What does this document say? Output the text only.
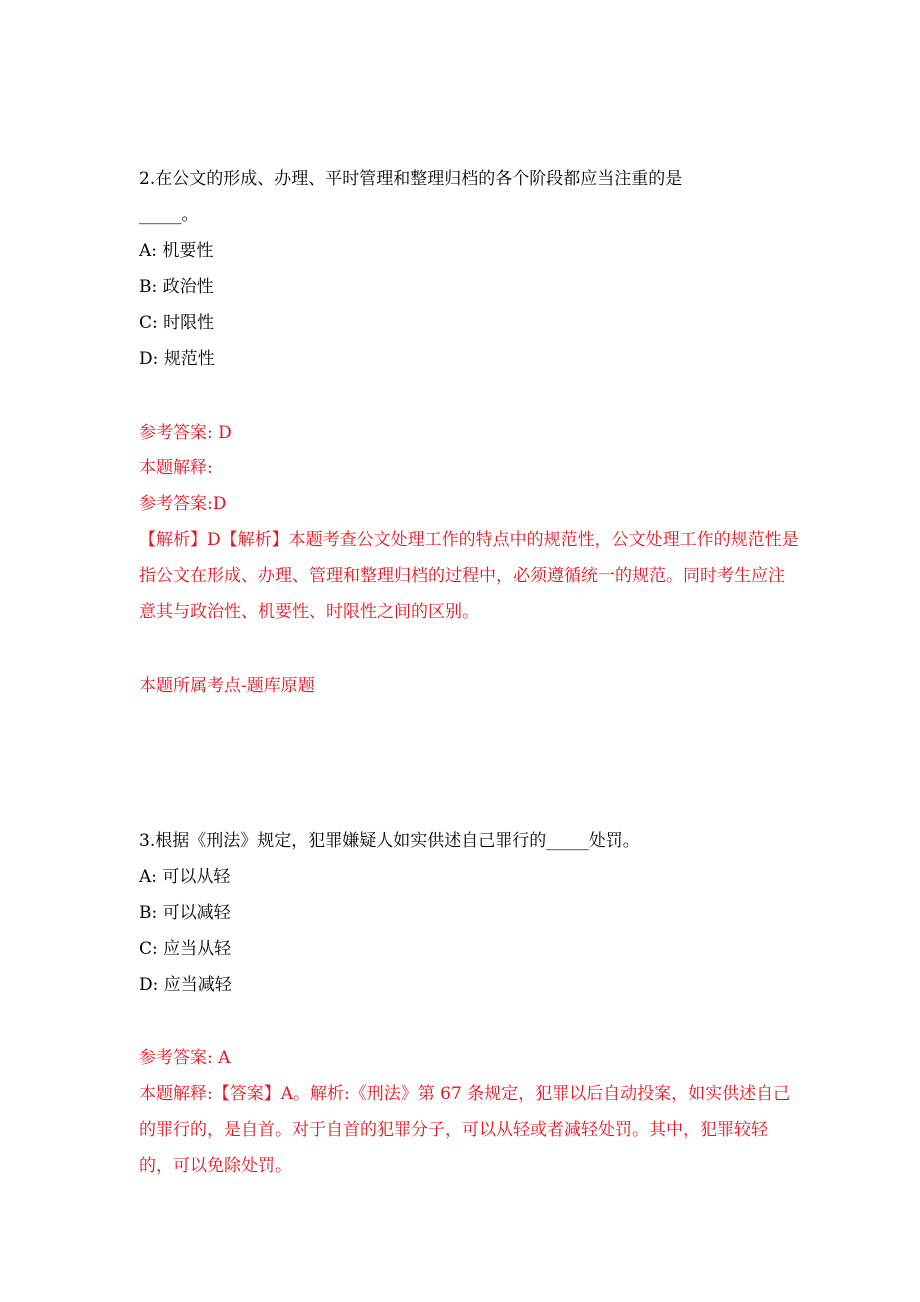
2.在公文的形成、办理、平时管理和整理归档的各个阶段都应当注重的是
_____。
A: 机要性
B: 政治性
C: 时限性
D: 规范性
参考答案: D
本题解释:
参考答案:D
【解析】D【解析】本题考查公文处理工作的特点中的规范性，公文处理工作的规范性是指公文在形成、办理、管理和整理归档的过程中，必须遵循统一的规范。同时考生应注意其与政治性、机要性、时限性之间的区别。
本题所属考点-题库原题
3.根据《刑法》规定，犯罪嫌疑人如实供述自己罪行的_____处罚。
A: 可以从轻
B: 可以减轻
C: 应当从轻
D: 应当减轻
参考答案: A
本题解释:【答案】A。解析:《刑法》第 67 条规定，犯罪以后自动投案，如实供述自己的罪行的，是自首。对于自首的犯罪分子，可以从轻或者减轻处罚。其中，犯罪较轻的，可以免除处罚。
